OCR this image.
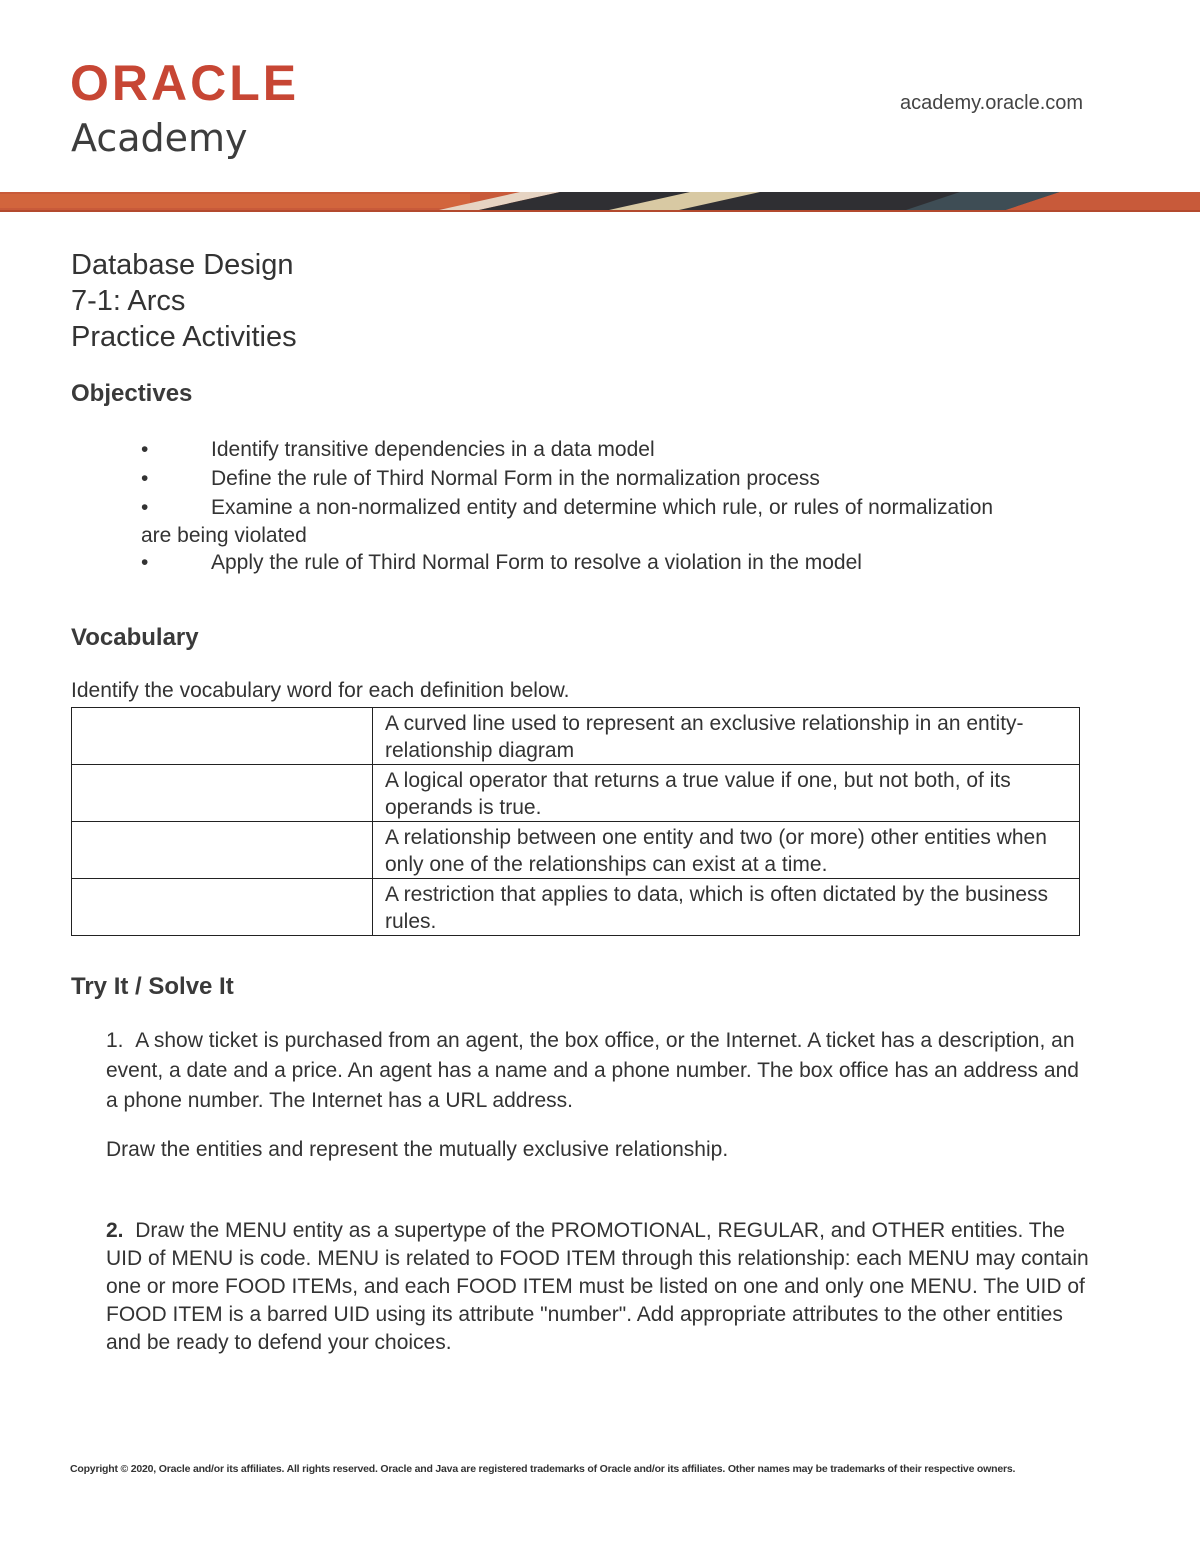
ORACLE
Academy
academy.oracle.com
Database Design
7-1: Arcs
Practice Activities
Objectives
•	Identify transitive dependencies in a data model
•	Define the rule of Third Normal Form in the normalization process
•	Examine a non-normalized entity and determine which rule, or rules of normalization
are being violated
•	Apply the rule of Third Normal Form to resolve a violation in the model
Vocabulary
Identify the vocabulary word for each definition below.
	A curved line used to represent an exclusive relationship in an entity-relationship diagram
	A logical operator that returns a true value if one, but not both, of its operands is true.
	A relationship between one entity and two (or more) other entities when only one of the relationships can exist at a time.
	A restriction that applies to data, which is often dictated by the business rules.
Try It / Solve It
1. A show ticket is purchased from an agent, the box office, or the Internet. A ticket has a description, an event, a date and a price. An agent has a name and a phone number. The box office has an address and a phone number. The Internet has a URL address.
Draw the entities and represent the mutually exclusive relationship.
2. Draw the MENU entity as a supertype of the PROMOTIONAL, REGULAR, and OTHER entities. The UID of MENU is code. MENU is related to FOOD ITEM through this relationship: each MENU may contain one or more FOOD ITEMs, and each FOOD ITEM must be listed on one and only one MENU. The UID of FOOD ITEM is a barred UID using its attribute "number". Add appropriate attributes to the other entities and be ready to defend your choices.
Copyright © 2020, Oracle and/or its affiliates. All rights reserved. Oracle and Java are registered trademarks of Oracle and/or its affiliates. Other names may be trademarks of their respective owners.
